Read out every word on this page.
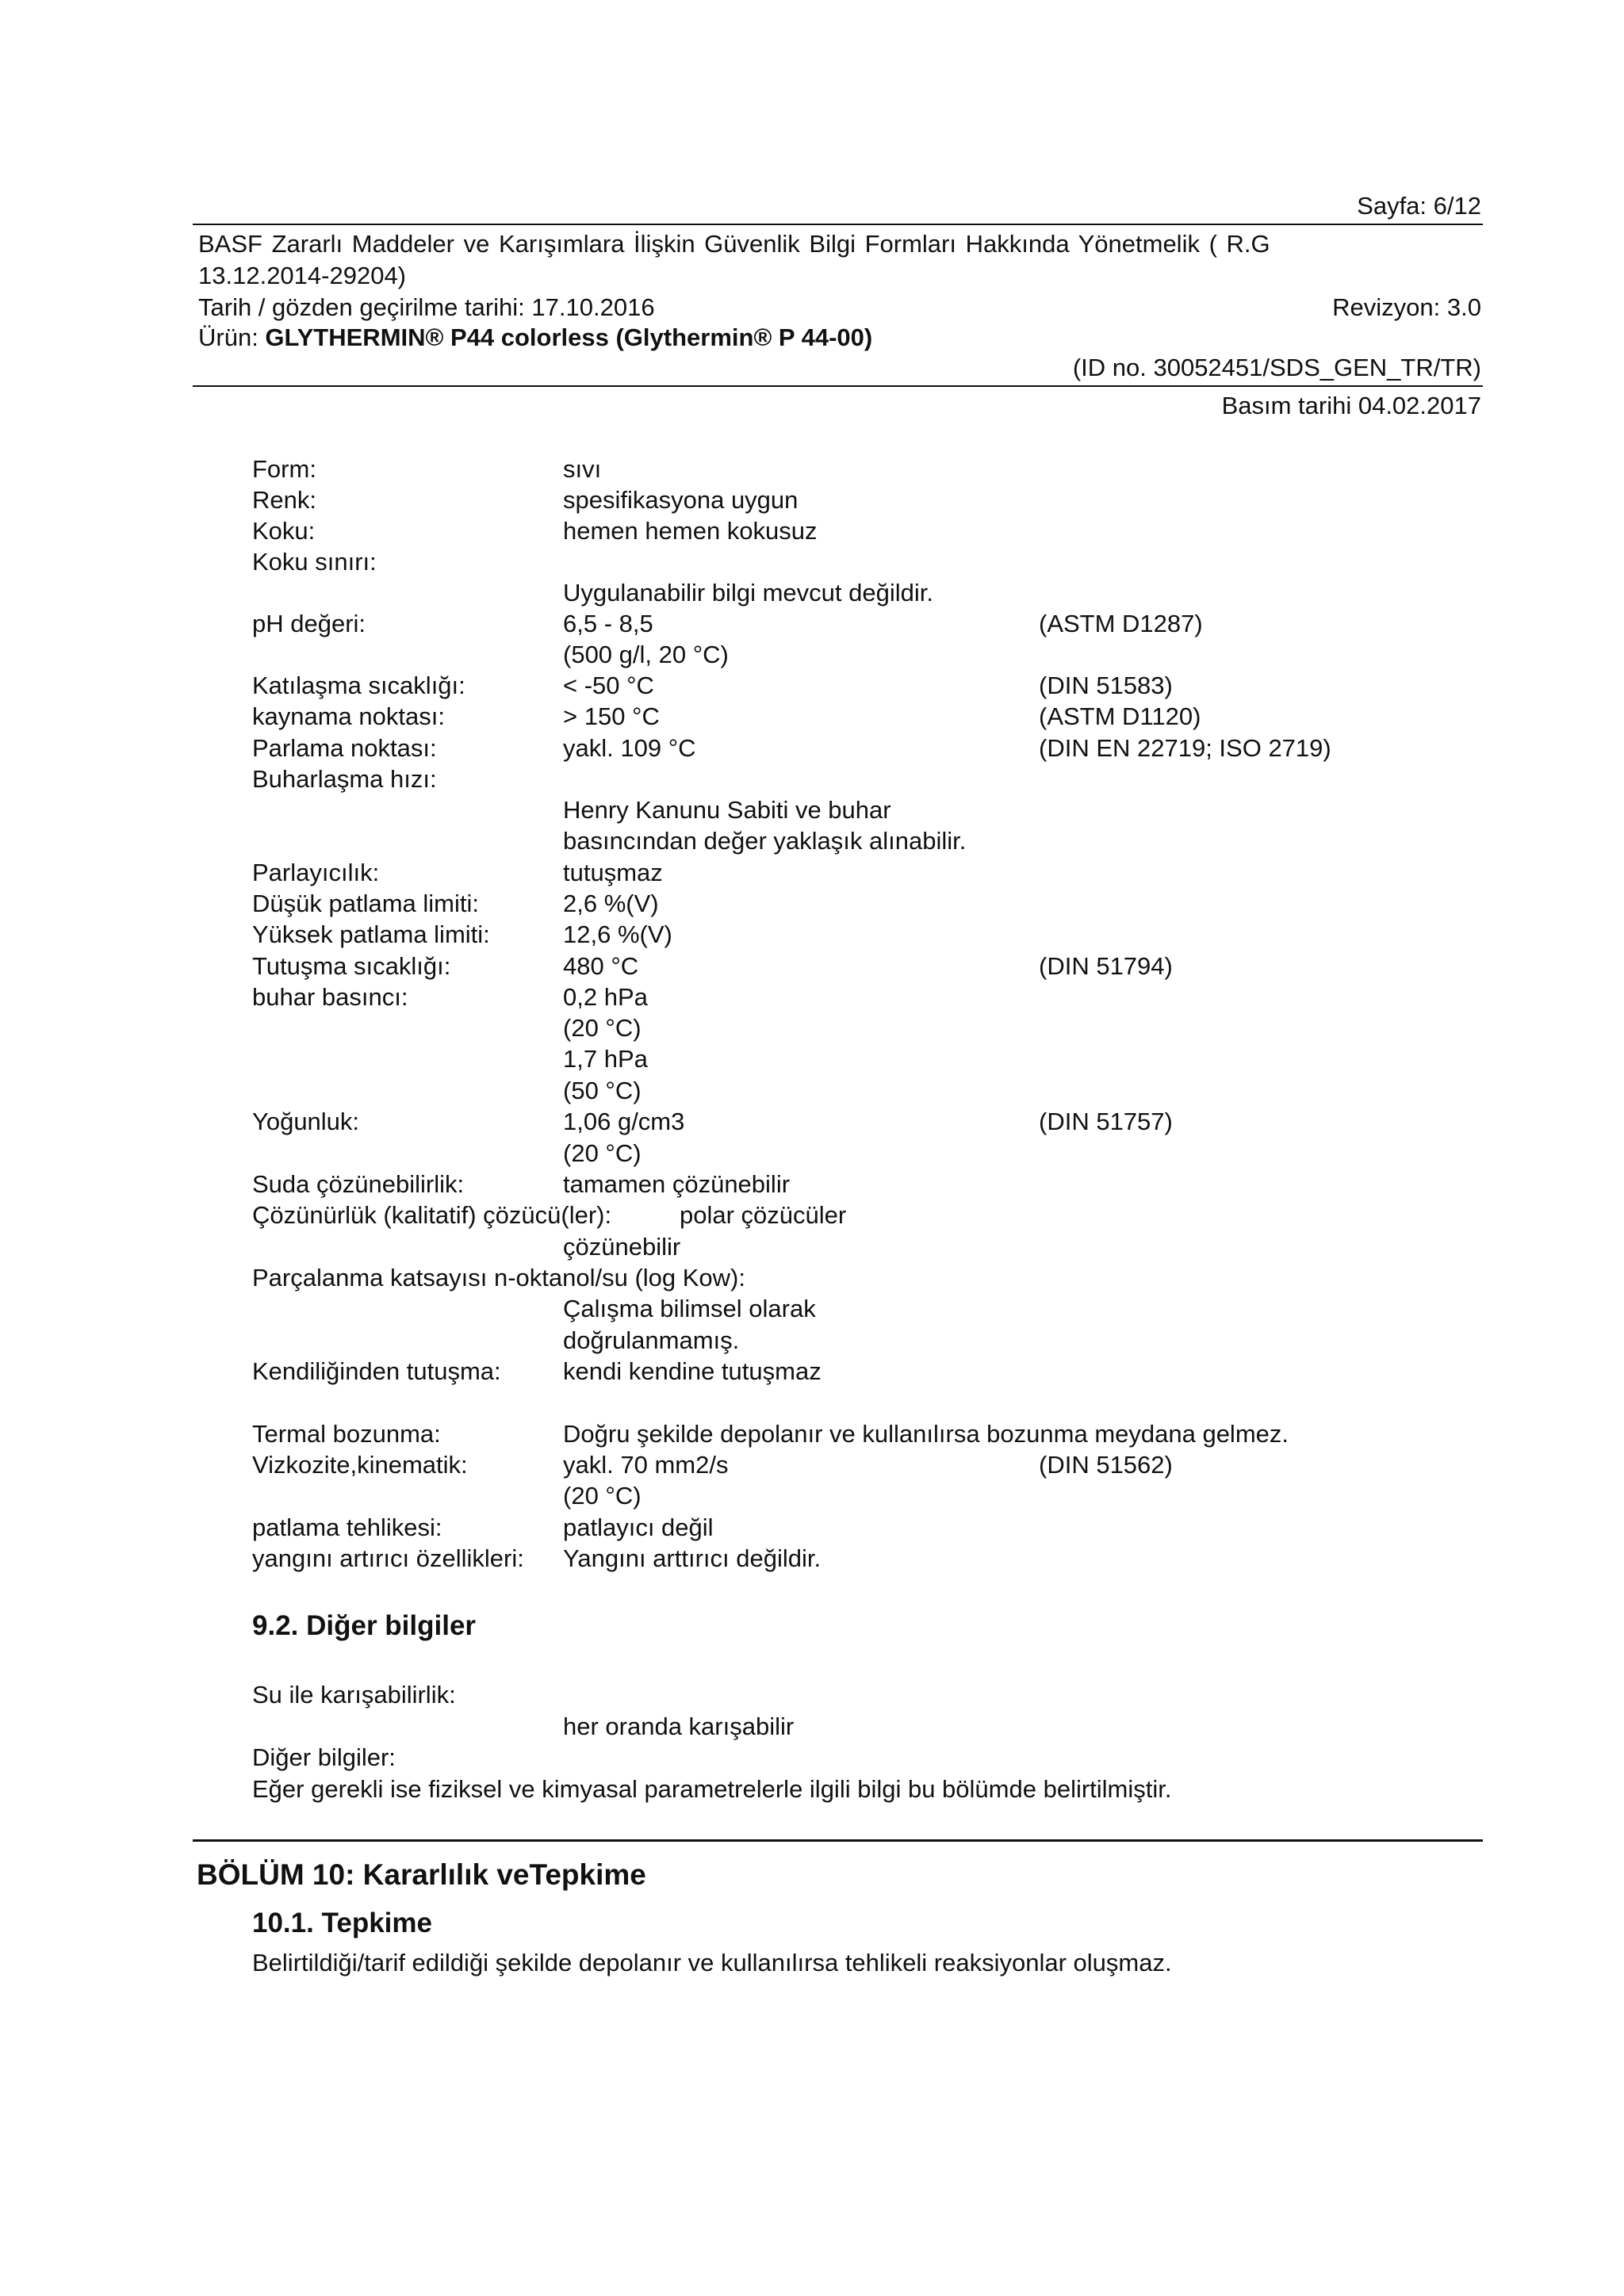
Sayfa: 6/12
BASF Zararlı Maddeler ve Karışımlara İlişkin Güvenlik Bilgi Formları Hakkında Yönetmelik ( R.G
13.12.2014-29204)
Tarih / gözden geçirilme tarihi: 17.10.2016	Revizyon: 3.0
Ürün: GLYTHERMIN® P44 colorless (Glythermin® P 44-00)
(ID no. 30052451/SDS_GEN_TR/TR)
Basım tarihi 04.02.2017
Form:	sıvı
Renk:	spesifikasyona uygun
Koku:	hemen hemen kokusuz
Koku sınırı:
Uygulanabilir bilgi mevcut değildir.
pH değeri:	6,5 - 8,5	(ASTM D1287)
(500 g/l, 20 °C)
Katılaşma sıcaklığı:	< -50 °C	(DIN 51583)
kaynama noktası:	> 150 °C	(ASTM D1120)
Parlama noktası:	yakl. 109 °C	(DIN EN 22719; ISO 2719)
Buharlaşma hızı:
Henry Kanunu Sabiti ve buhar
basıncından değer yaklaşık alınabilir.
Parlayıcılık:	tutuşmaz
Düşük patlama limiti:	2,6 %(V)
Yüksek patlama limiti:	12,6 %(V)
Tutuşma sıcaklığı:	480 °C	(DIN 51794)
buhar basıncı:	0,2 hPa
(20 °C)
1,7 hPa
(50 °C)
Yoğunluk:	1,06 g/cm3	(DIN 51757)
(20 °C)
Suda çözünebilirlik:	tamamen çözünebilir
Çözünürlük (kalitatif) çözücü(ler):	polar çözücüler
çözünebilir
Parçalanma katsayısı n-oktanol/su (log Kow):
Çalışma bilimsel olarak
doğrulanmamış.
Kendiliğinden tutuşma:	kendi kendine tutuşmaz
Termal bozunma:	Doğru şekilde depolanır ve kullanılırsa bozunma meydana gelmez.
Vizkozite,kinematik:	yakl. 70 mm2/s	(DIN 51562)
(20 °C)
patlama tehlikesi:	patlayıcı değil
yangını artırıcı özellikleri: Yangını arttırıcı değildir.
9.2. Diğer bilgiler
Su ile karışabilirlik:
her oranda karışabilir
Diğer bilgiler:
Eğer gerekli ise fiziksel ve kimyasal parametrelerle ilgili bilgi bu bölümde belirtilmiştir.
BÖLÜM 10: Kararlılık veTepkime
10.1. Tepkime
Belirtildiği/tarif edildiği şekilde depolanır ve kullanılırsa tehlikeli reaksiyonlar oluşmaz.
